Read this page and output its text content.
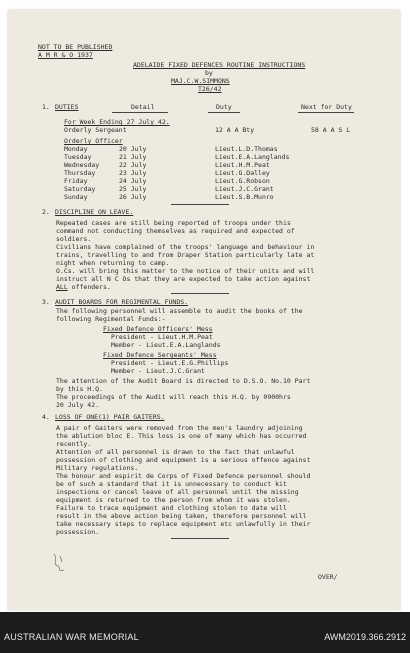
NOT TO BE PUBLISHED
A M R & O 1937
ADELAIDE FIXED DEFENCES ROUTINE INSTRUCTIONS
by
MAJ.C.W.SIMMONS
T26/42
1. DUTIES	Detail	Duty	Next for Duty
For Week Ending 27 July 42.
Orderly Sergeant	12 A A Bty	58 A A S L
Orderly Officer
Monday	20 July	Lieut.L.D.Thomas
Tuesday	21 July	Lieut.E.A.Langlands
Wednesday	22 July	Lieut.H.M.Peat
Thursday	23 July	Lieut.G.Dalley
Friday	24 July	Lieut.G.Robson
Saturday	25 July	Lieut.J.C.Grant
Sunday	26 July	Lieut.S.B.Munro
2. DISCIPLINE ON LEAVE.
Repeated cases are still being reported of troops under this
command not conducting themselves as required and expected of
soldiers.
Civilians have complained of the troops' language and behaviour in
trains, travelling to and from Draper Station particularly late at
night when returning to camp.
O.Cs. will bring this matter to the notice of their units and will
instruct all N C Os that they are expected to take action against
ALL offenders.
3. AUDIT BOARDS FOR REGIMENTAL FUNDS.
The following personnel will assemble to audit the books of the
following Regimental Funds:-
Fixed Defence Officers' Mess
President - Lieut.H.M.Peat
Member - Lieut.E.A.Langlands
Fixed Defence Sergeants' Mess
President - Lieut.E.G.Phillips
Member - Lieut.J.C.Grant
The attention of the Audit Board is directed to D.S.O. No.10 Part
by this H.Q.
The proceedings of the Audit will reach this H.Q. by 0900hrs
20 July 42.
4. LOSS OF ONE(1) PAIR GAITERS.
A pair of Gaiters were removed from the men's laundry adjoining
the ablution bloc E. This loss is one of many which has occurred
recently.
Attention of all personnel is drawn to the fact that unlawful
possession of clothing and equipment is a serious offence against
Military regulations.
The honour and espirit de Corps of Fixed Defence personnel should
be of such a standard that it is unnecessary to conduct kit
inspections or cancel leave of all personnel until the missing
equipment is returned to the person from whom it was stolen.
Failure to trace equipment and clothing stolen to date will
result in the above action being taken, therefore personnel will
take necessary steps to replace equipment etc unlawfully in their
possession.
OVER/
AUSTRALIAN WAR MEMORIAL	AWM2019.366.2912
